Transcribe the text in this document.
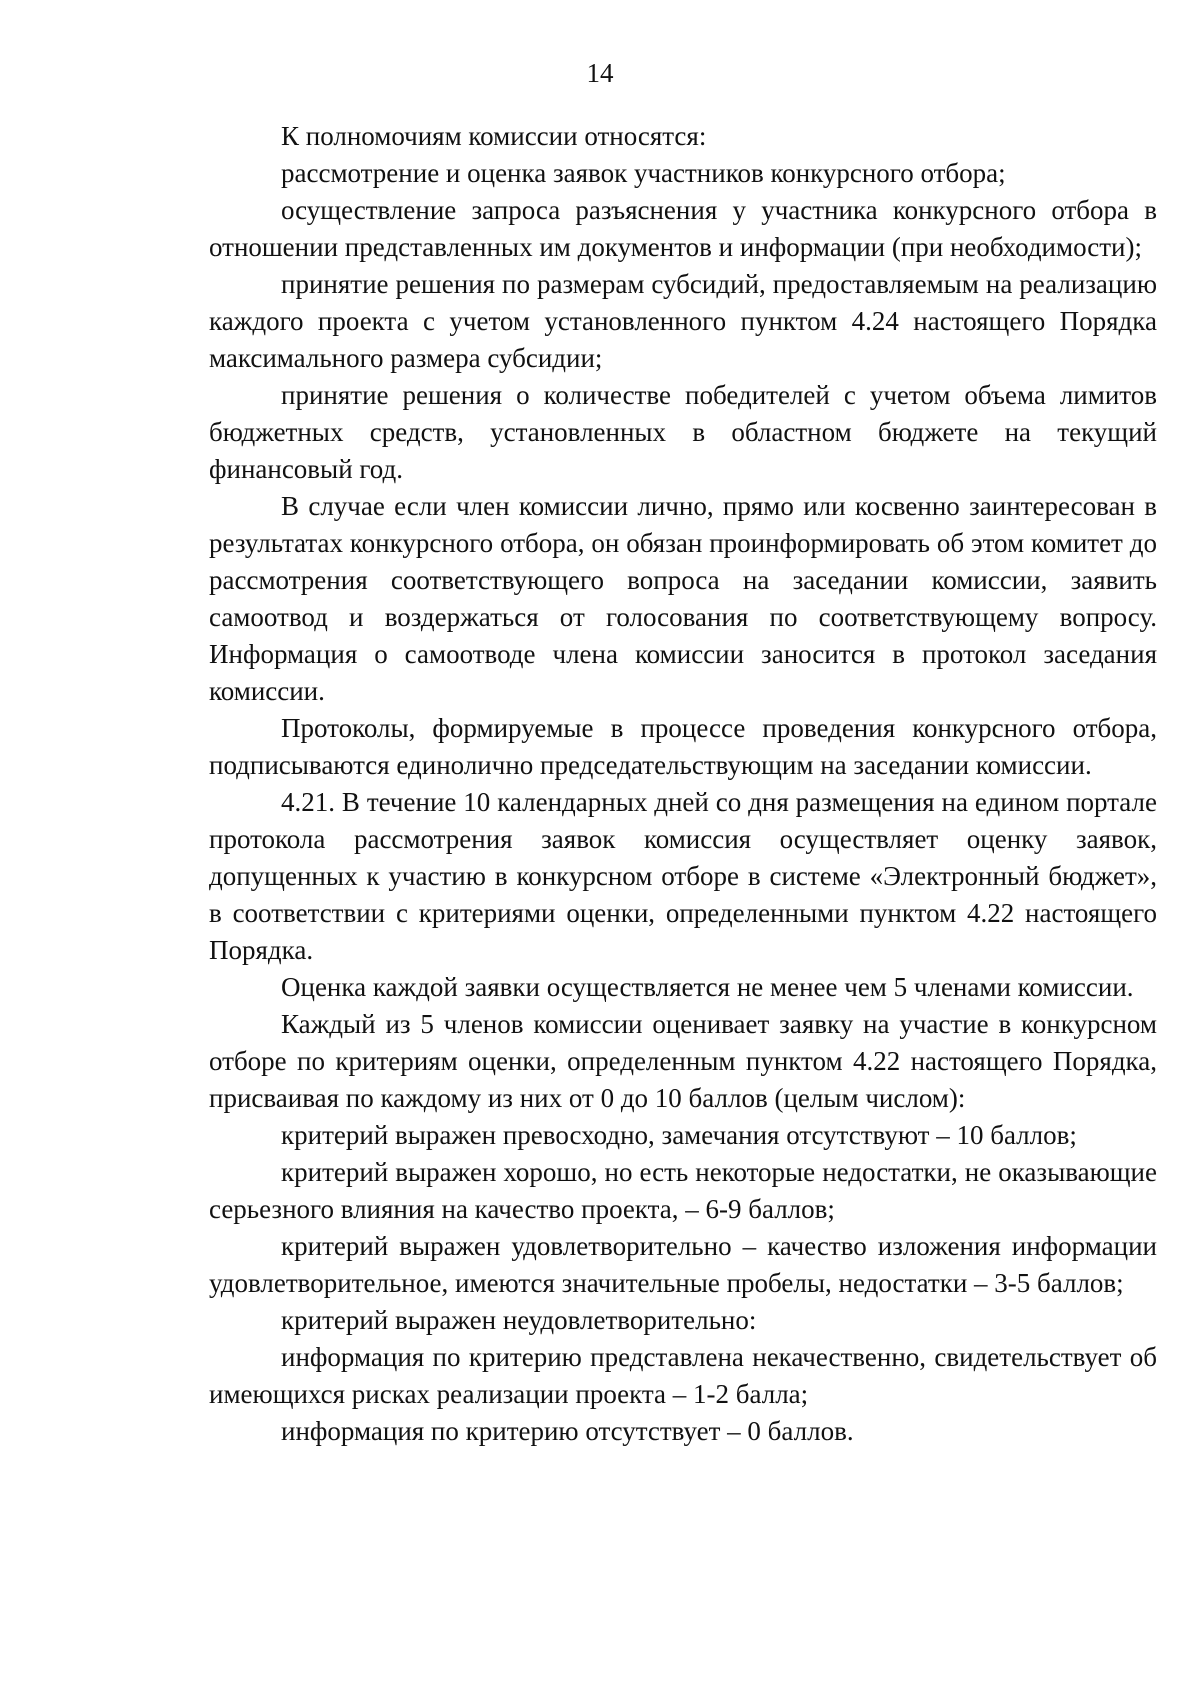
14

К полномочиям комиссии относятся:

рассмотрение и оценка заявок участников конкурсного отбора;

осуществление запроса разъяснения у участника конкурсного отбора в отношении представленных им документов и информации (при необходимости);

принятие решения по размерам субсидий, предоставляемым на реализацию каждого проекта с учетом установленного пунктом 4.24 настоящего Порядка максимального размера субсидии;

принятие решения о количестве победителей с учетом объема лимитов бюджетных средств, установленных в областном бюджете на текущий финансовый год.

В случае если член комиссии лично, прямо или косвенно заинтересован в результатах конкурсного отбора, он обязан проинформировать об этом комитет до рассмотрения соответствующего вопроса на заседании комиссии, заявить самоотвод и воздержаться от голосования по соответствующему вопросу. Информация о самоотводе члена комиссии заносится в протокол заседания комиссии.

Протоколы, формируемые в процессе проведения конкурсного отбора, подписываются единолично председательствующим на заседании комиссии.

4.21. В течение 10 календарных дней со дня размещения на едином портале протокола рассмотрения заявок комиссия осуществляет оценку заявок, допущенных к участию в конкурсном отборе в системе «Электронный бюджет», в соответствии с критериями оценки, определенными пунктом 4.22 настоящего Порядка.

Оценка каждой заявки осуществляется не менее чем 5 членами комиссии.

Каждый из 5 членов комиссии оценивает заявку на участие в конкурсном отборе по критериям оценки, определенным пунктом 4.22 настоящего Порядка, присваивая по каждому из них от 0 до 10 баллов (целым числом):

критерий выражен превосходно, замечания отсутствуют – 10 баллов;

критерий выражен хорошо, но есть некоторые недостатки, не оказывающие серьезного влияния на качество проекта, – 6-9 баллов;

критерий выражен удовлетворительно – качество изложения информации удовлетворительное, имеются значительные пробелы, недостатки – 3-5 баллов;

критерий выражен неудовлетворительно:

информация по критерию представлена некачественно, свидетельствует об имеющихся рисках реализации проекта – 1-2 балла;

информация по критерию отсутствует – 0 баллов.
